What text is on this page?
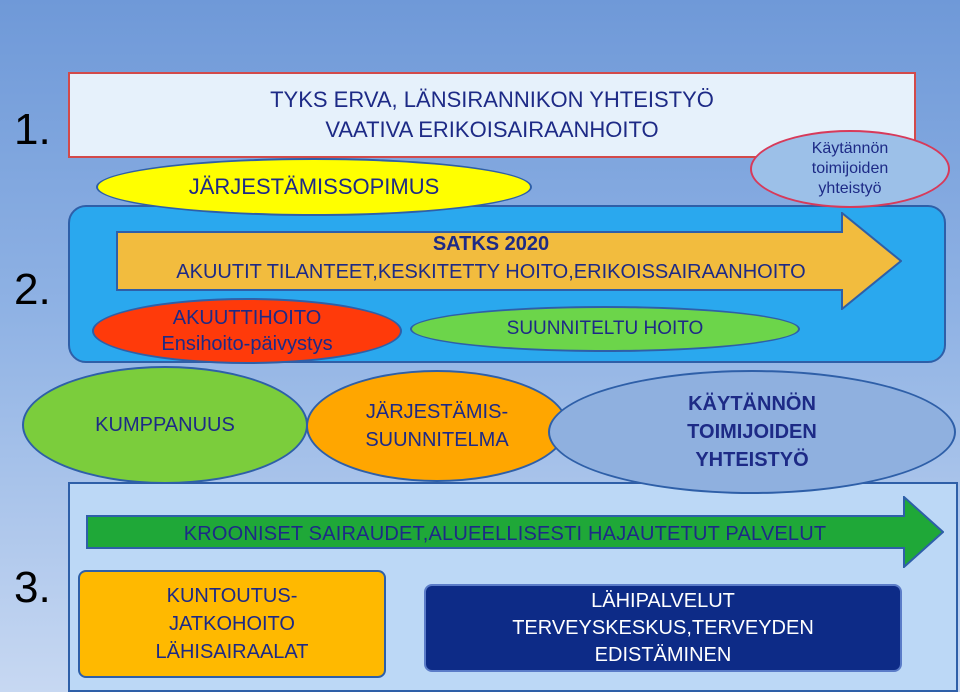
1.
2.
3.
TYKS ERVA, LÄNSIRANNIKON YHTEISTYÖ
VAATIVA ERIKOISAIRAANHOITO
JÄRJESTÄMISSOPIMUS
Käytännön
toimijoiden
yhteistyö
SATKS 2020
AKUUTIT TILANTEET,KESKITETTY HOITO,ERIKOISSAIRAANHOITO
SUUNNITELTU HOITO
AKUUTTIHOITO
Ensihoito-päivystys
KUMPPANUUS
JÄRJESTÄMIS-
SUUNNITELMA
KÄYTÄNNÖN
TOIMIJOIDEN
YHTEISTYÖ
KROONISET SAIRAUDET,ALUEELLISESTI HAJAUTETUT PALVELUT
KUNTOUTUS-
JATKOHOITO
LÄHISAIRAALAT
LÄHIPALVELUT
TERVEYSKESKUS,TERVEYDEN
EDISTÄMINEN
